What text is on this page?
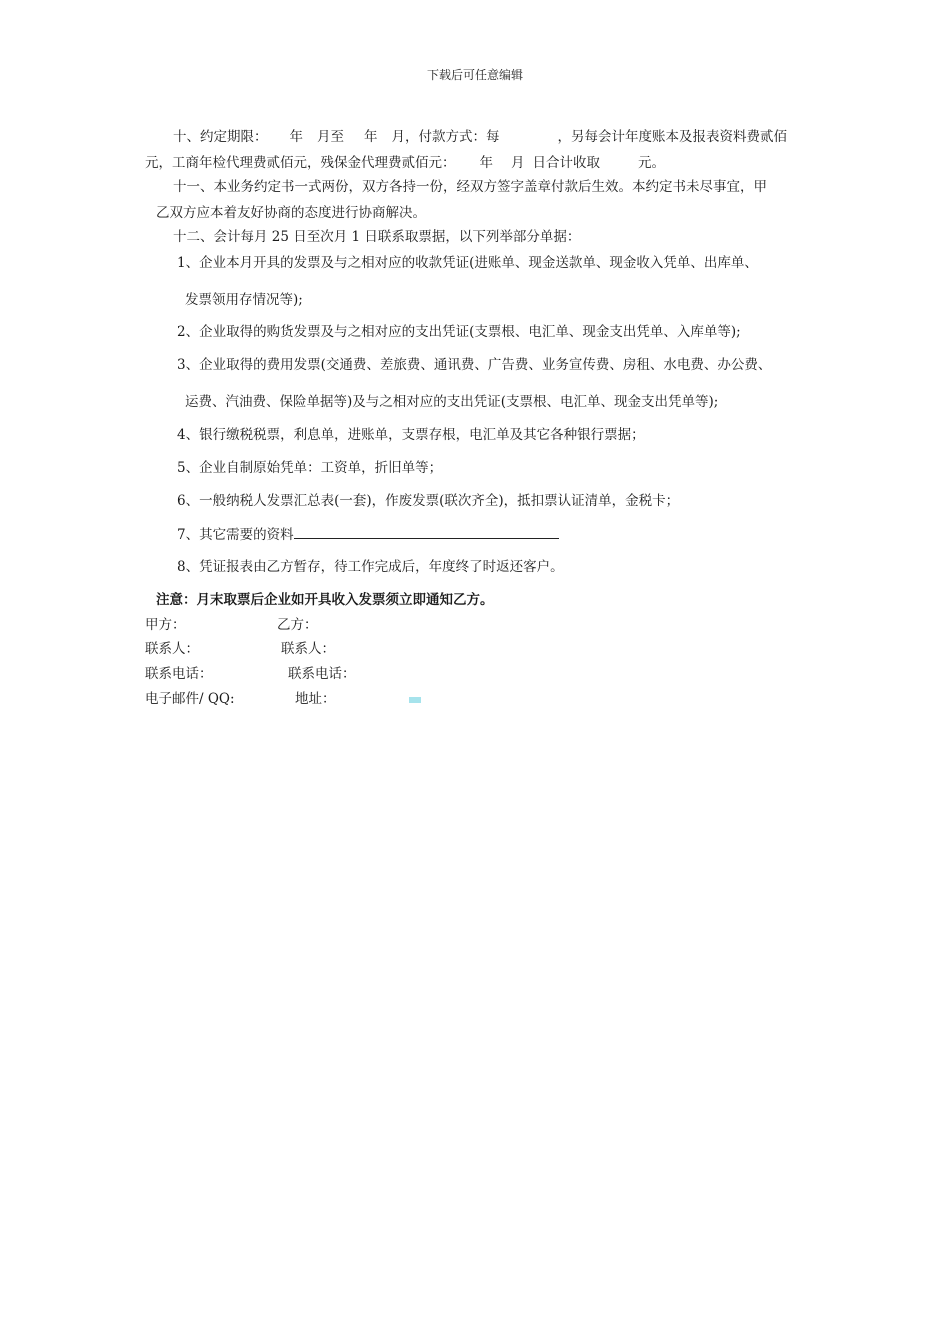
下载后可任意编辑
十、约定期限： 年 月至 年 月，付款方式：每	，另每会计年度账本及报表资料费贰佰
元，工商年检代理费贰佰元，残保金代理费贰佰元： 年 月 日合计收取	元。
十一、本业务约定书一式两份，双方各持一份，经双方签字盖章付款后生效。本约定书未尽事宜，甲
乙双方应本着友好协商的态度进行协商解决。
十二、会计每月 25 日至次月 1 日联系取票据，以下列举部分单据：
1、企业本月开具的发票及与之相对应的收款凭证(进账单、现金送款单、现金收入凭单、出库单、
发票领用存情况等);
2、企业取得的购货发票及与之相对应的支出凭证(支票根、电汇单、现金支出凭单、入库单等);
3、企业取得的费用发票(交通费、差旅费、通讯费、广告费、业务宣传费、房租、水电费、办公费、
运费、汽油费、保险单据等)及与之相对应的支出凭证(支票根、电汇单、现金支出凭单等);
4、银行缴税税票，利息单，进账单，支票存根，电汇单及其它各种银行票据；
5、企业自制原始凭单：工资单，折旧单等；
6、一般纳税人发票汇总表(一套)，作废发票(联次齐全)，抵扣票认证清单，金税卡；
7、其它需要的资料
8、凭证报表由乙方暂存，待工作完成后，年度终了时返还客户。
注意：月末取票后企业如开具收入发票须立即通知乙方。
甲方：	乙方：
联系人：	联系人：
联系电话：	联系电话：
电子邮件/ QQ:	地址：
